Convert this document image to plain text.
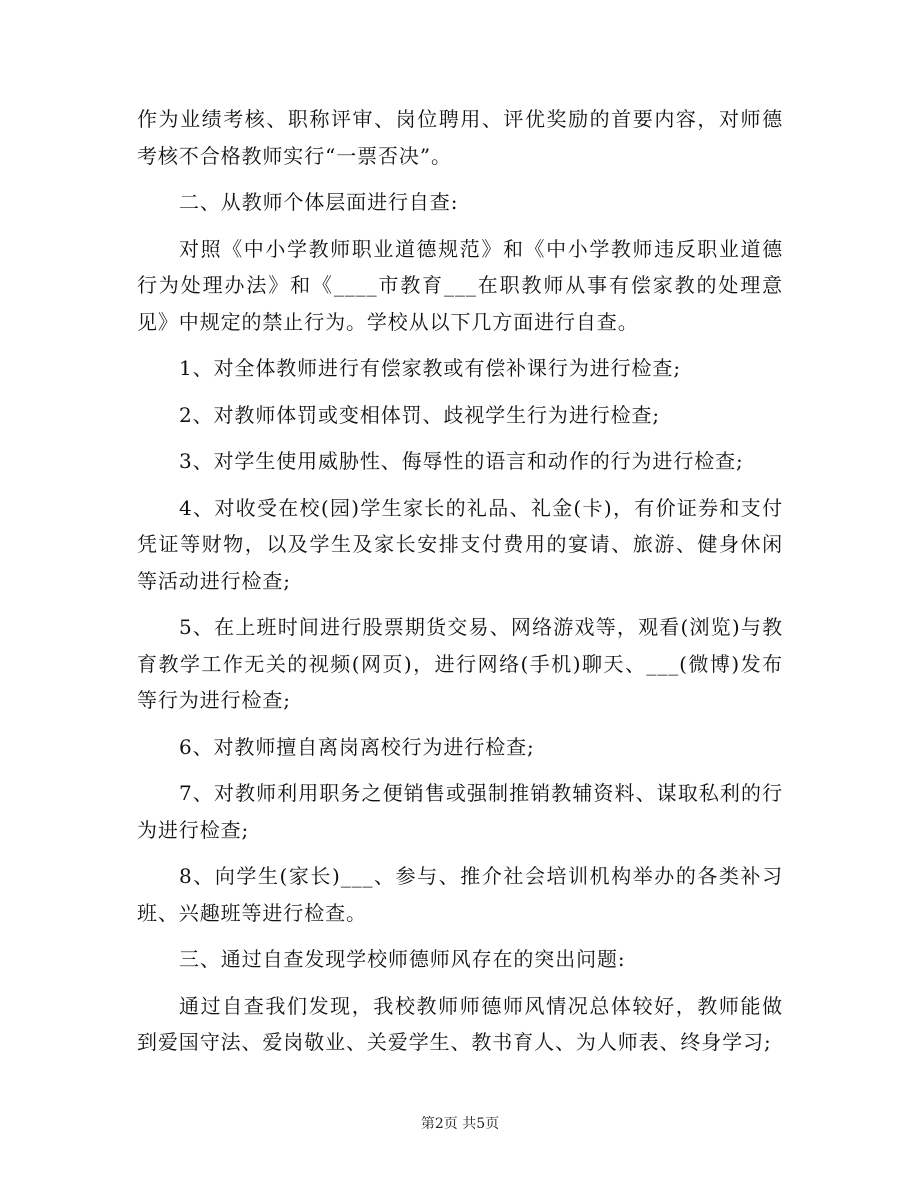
作为业绩考核、职称评审、岗位聘用、评优奖励的首要内容，对师德考核不合格教师实行“一票否决”。

二、从教师个体层面进行自查:

对照《中小学教师职业道德规范》和《中小学教师违反职业道德行为处理办法》和《____市教育___在职教师从事有偿家教的处理意见》中规定的禁止行为。学校从以下几方面进行自查。

1、对全体教师进行有偿家教或有偿补课行为进行检查;

2、对教师体罚或变相体罚、歧视学生行为进行检查;

3、对学生使用威胁性、侮辱性的语言和动作的行为进行检查;

4、对收受在校(园)学生家长的礼品、礼金(卡)，有价证券和支付凭证等财物，以及学生及家长安排支付费用的宴请、旅游、健身休闲等活动进行检查;

5、在上班时间进行股票期货交易、网络游戏等，观看(浏览)与教育教学工作无关的视频(网页)，进行网络(手机)聊天、___(微博)发布等行为进行检查;

6、对教师擅自离岗离校行为进行检查;

7、对教师利用职务之便销售或强制推销教辅资料、谋取私利的行为进行检查;

8、向学生(家长)___、参与、推介社会培训机构举办的各类补习班、兴趣班等进行检查。

三、通过自查发现学校师德师风存在的突出问题:

通过自查我们发现，我校教师师德师风情况总体较好，教师能做到爱国守法、爱岗敬业、关爱学生、教书育人、为人师表、终身学习;

第2页 共5页
